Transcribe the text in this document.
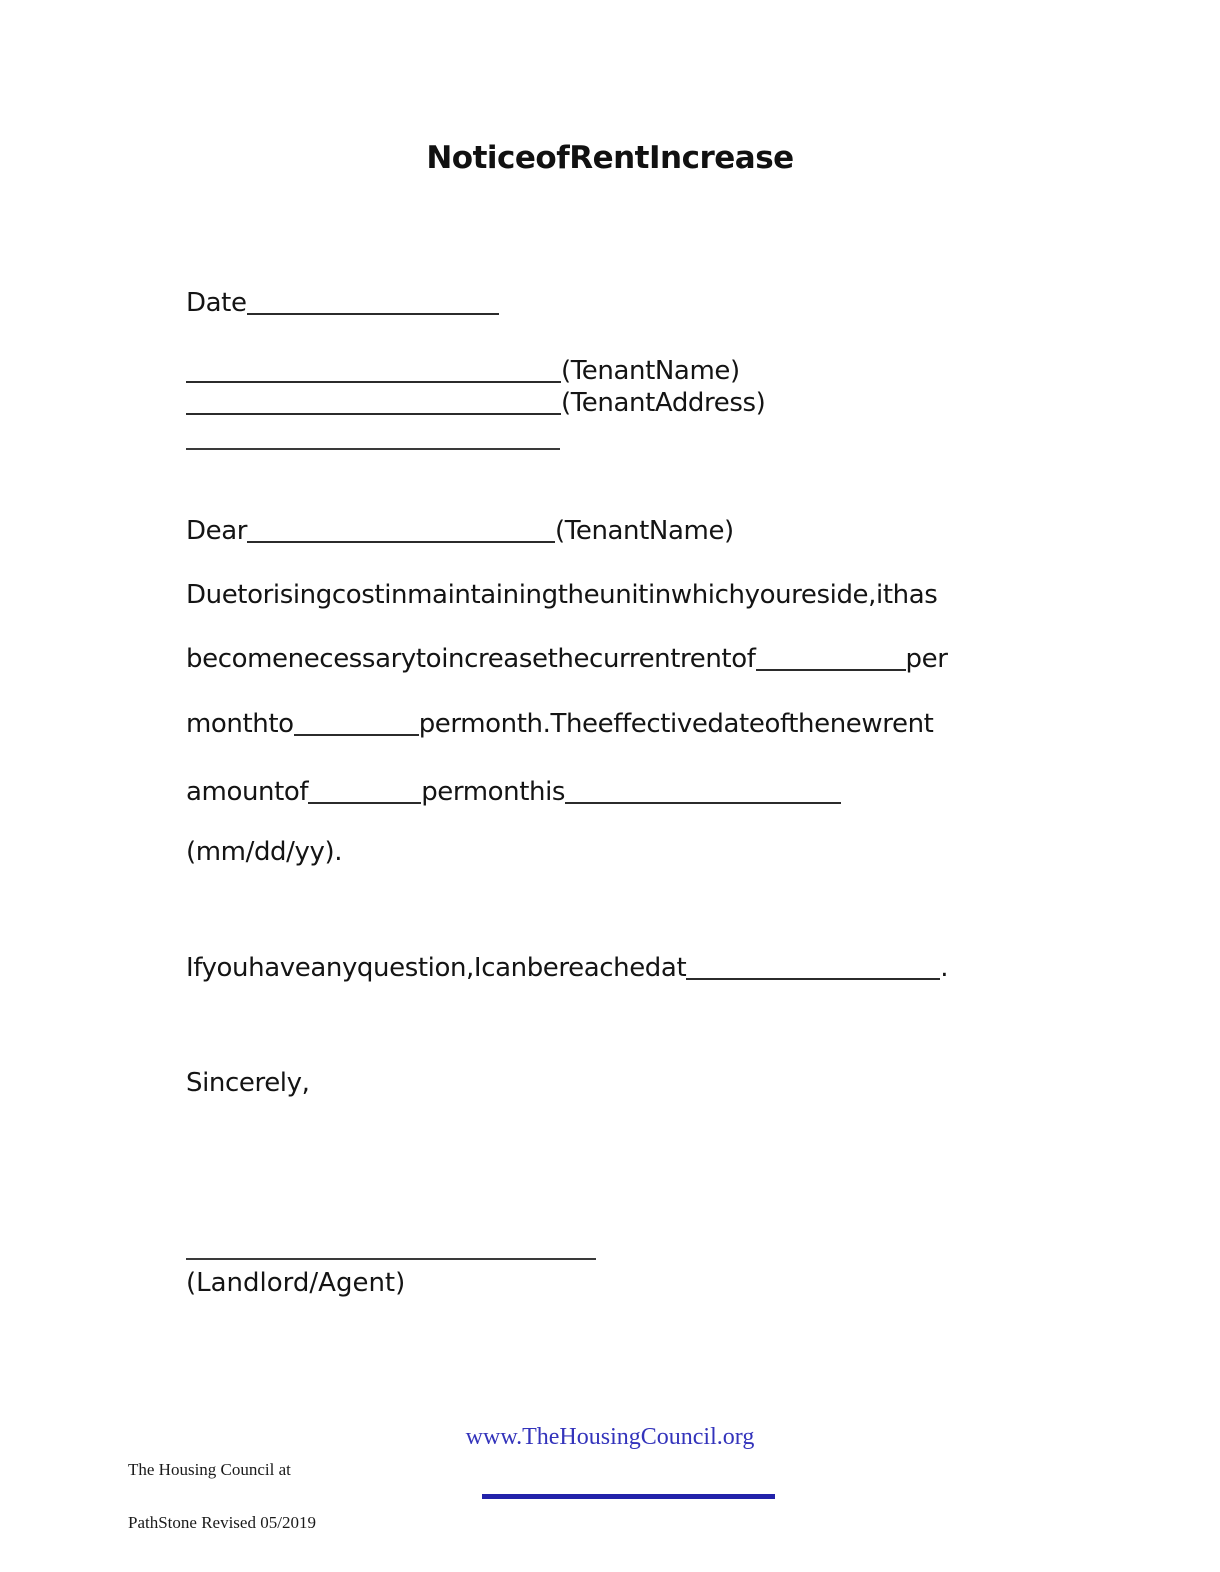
NoticeofRentIncrease
Date
(TenantName)
(TenantAddress)
Dear	(TenantName)
Duetorisingcostinmaintainingtheunitinwhichyoureside,ithas
becomenecessarytoincreasethecurrentrentof	per
monthto	permonth.Theeffectivedateofthenewrent
amountof	permonthis
(mm/dd/yy).
Ifyouhaveanyquestion,Icanbereachedat	.
Sincerely,
(Landlord/Agent)
www.TheHousingCouncil.org
The Housing Council at
PathStone Revised 05/2019
